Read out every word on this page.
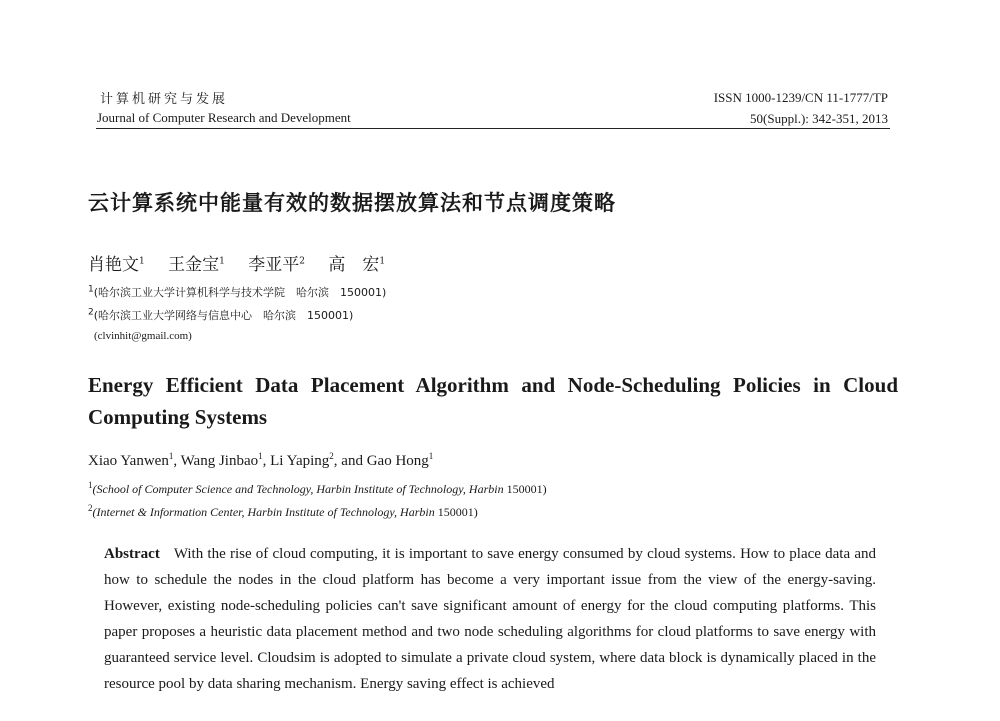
计算机研究与发展
Journal of Computer Research and Development
ISSN 1000-1239/CN 11-1777/TP
50(Suppl.): 342-351, 2013
云计算系统中能量有效的数据摆放算法和节点调度策略
肖艳文$^1$ 王金宝$^1$ 李亚平$^2$ 高　宏$^1$
$^1$(哈尔滨工业大学计算机科学与技术学院　哈尔滨　150001)
$^2$(哈尔滨工业大学网络与信息中心　哈尔滨　150001)
(clvinhit@gmail.com)
Energy Efficient Data Placement Algorithm and Node-Scheduling Policies in Cloud Computing Systems
Xiao Yanwen$^1$, Wang Jinbao$^1$, Li Yaping$^2$, and Gao Hong$^1$
$^1$(School of Computer Science and Technology, Harbin Institute of Technology, Harbin 150001)
$^2$(Internet & Information Center, Harbin Institute of Technology, Harbin 150001)
Abstract With the rise of cloud computing, it is important to save energy consumed by cloud systems. How to place data and how to schedule the nodes in the cloud platform has become a very important issue from the view of the energy-saving. However, existing node-scheduling policies can't save significant amount of energy for the cloud computing platforms. This paper proposes a heuristic data placement method and two node scheduling algorithms for cloud platforms to save energy with guaranteed service level. Cloudsim is adopted to simulate a private cloud system, where data block is dynamically placed in the resource pool by data sharing mechanism. Energy saving effect is achieved
